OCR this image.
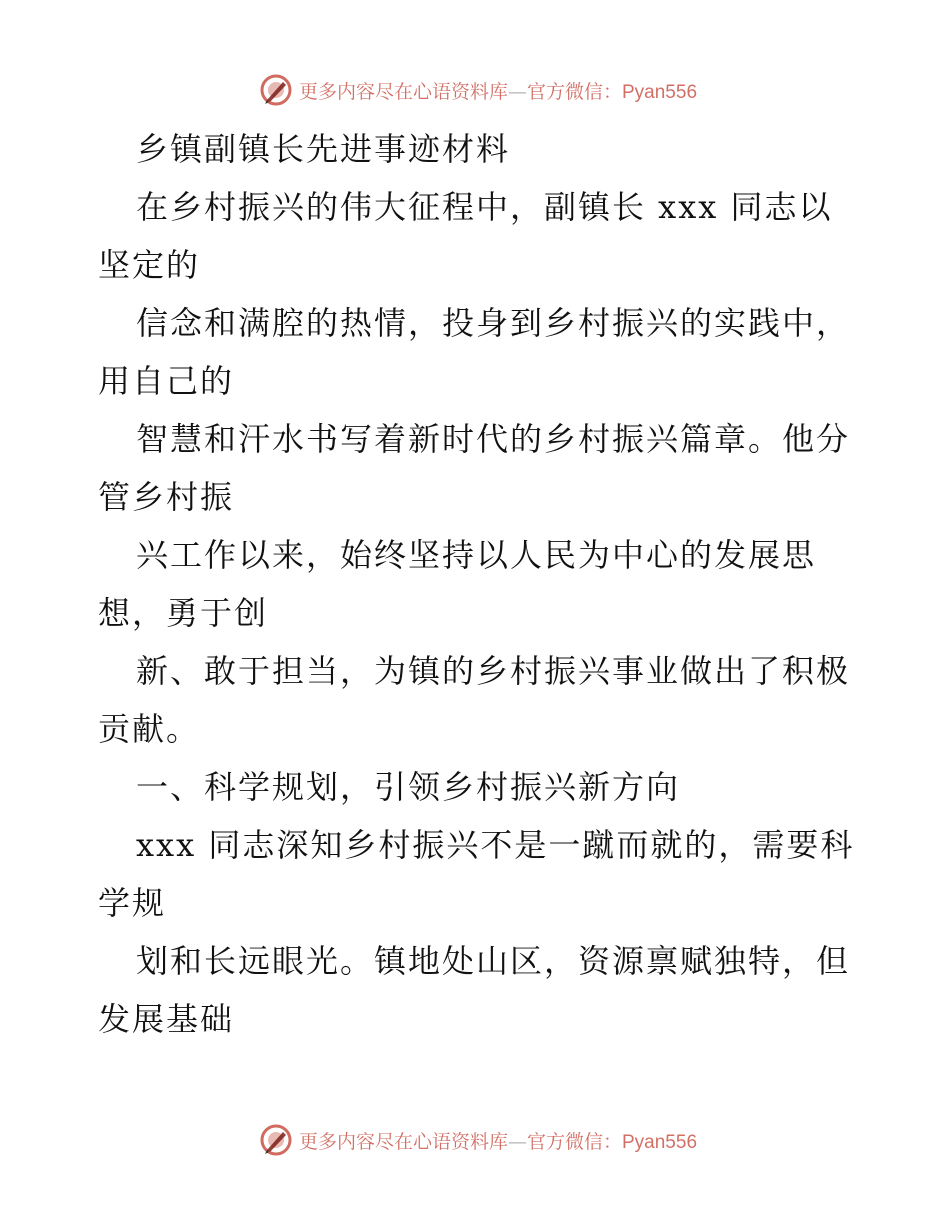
更多内容尽在心语资料库—官方微信：Pyan556
乡镇副镇长先进事迹材料
在乡村振兴的伟大征程中，副镇长 xxx 同志以
坚定的
信念和满腔的热情，投身到乡村振兴的实践中，
用自己的
智慧和汗水书写着新时代的乡村振兴篇章。他分
管乡村振
兴工作以来，始终坚持以人民为中心的发展思
想，勇于创
新、敢于担当，为镇的乡村振兴事业做出了积极
贡献。
一、科学规划，引领乡村振兴新方向
xxx 同志深知乡村振兴不是一蹴而就的，需要科
学规
划和长远眼光。镇地处山区，资源禀赋独特，但
发展基础
更多内容尽在心语资料库—官方微信：Pyan556
